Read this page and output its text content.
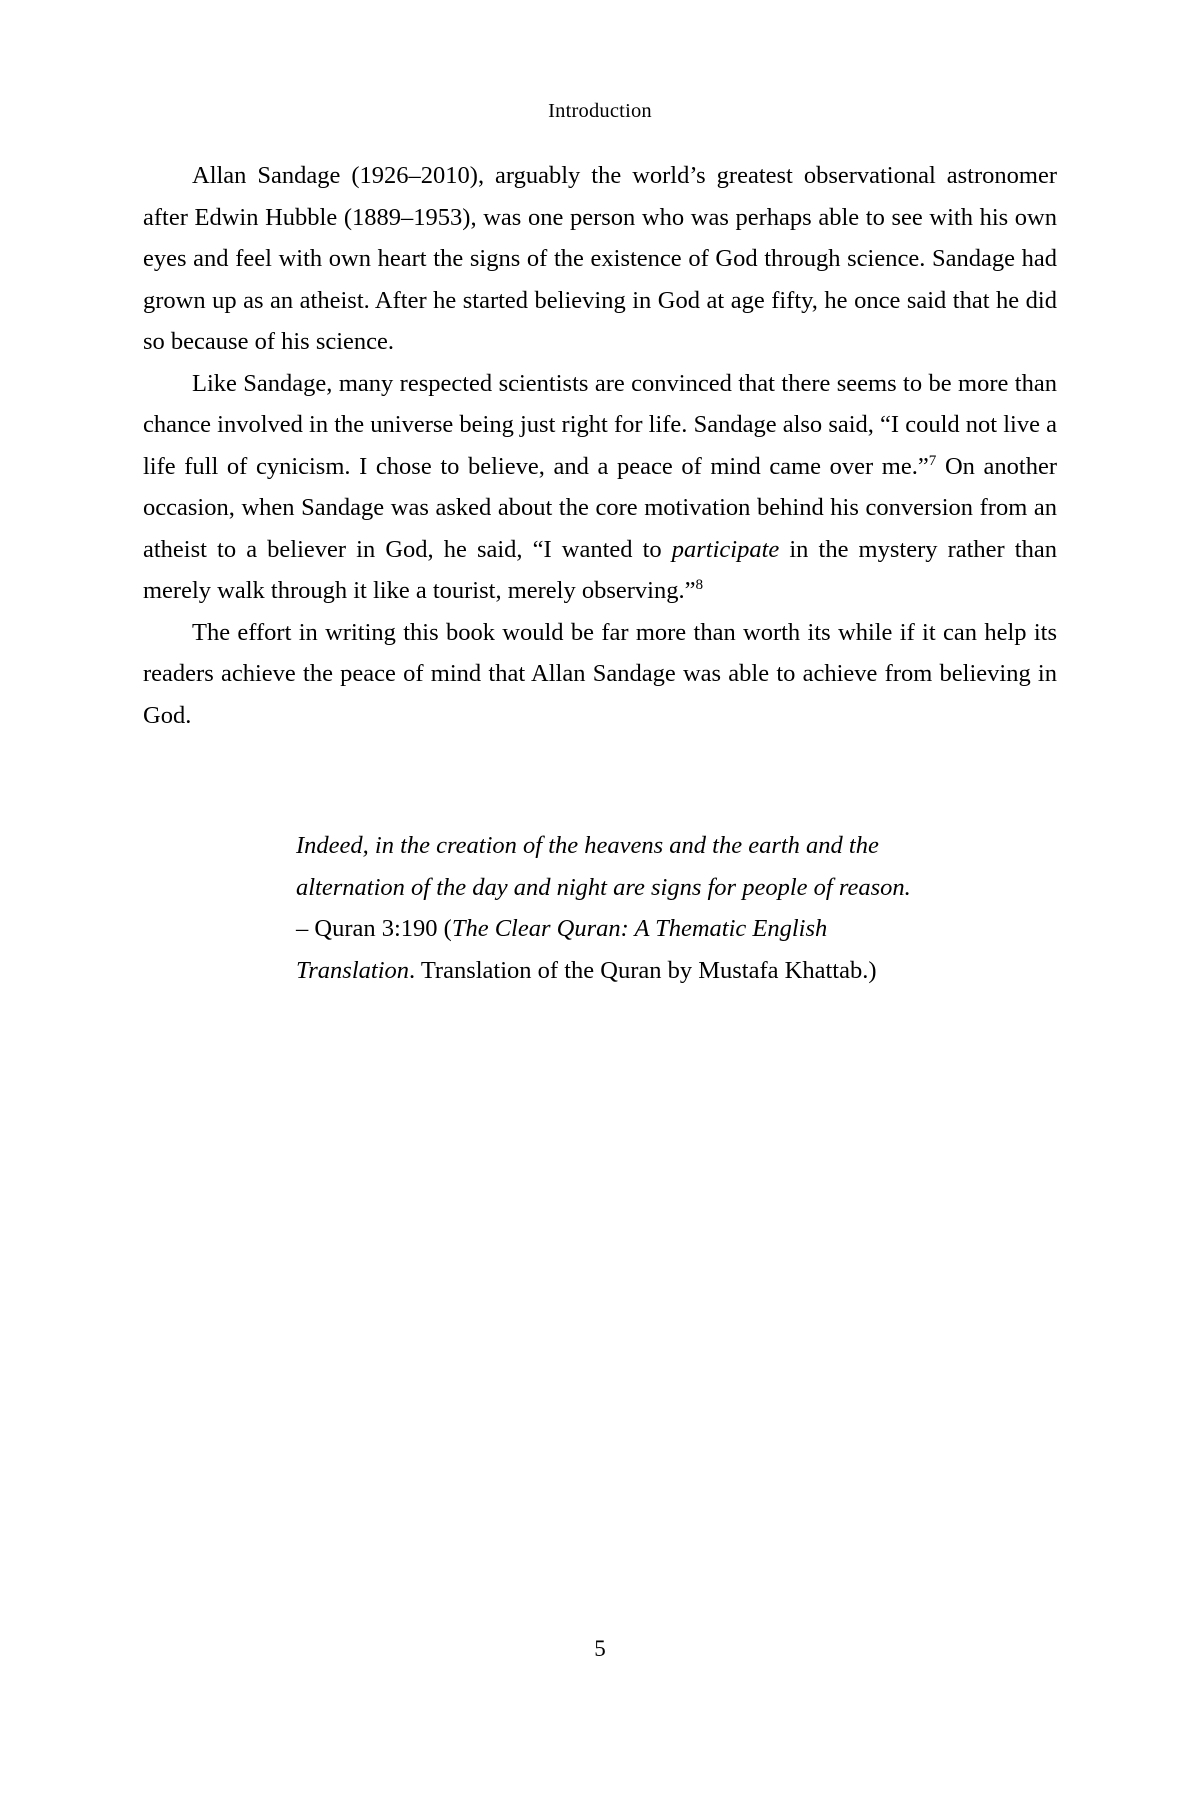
Introduction

Allan Sandage (1926–2010), arguably the world’s greatest observational astronomer after Edwin Hubble (1889–1953), was one person who was perhaps able to see with his own eyes and feel with own heart the signs of the existence of God through science. Sandage had grown up as an atheist. After he started believing in God at age fifty, he once said that he did so because of his science.

Like Sandage, many respected scientists are convinced that there seems to be more than chance involved in the universe being just right for life. Sandage also said, “I could not live a life full of cynicism. I chose to believe, and a peace of mind came over me.”$^7$ On another occasion, when Sandage was asked about the core motivation behind his conversion from an atheist to a believer in God, he said, “I wanted to participate in the mystery rather than merely walk through it like a tourist, merely observing.”$^8$

The effort in writing this book would be far more than worth its while if it can help its readers achieve the peace of mind that Allan Sandage was able to achieve from believing in God.

Indeed, in the creation of the heavens and the earth and the

alternation of the day and night are signs for people of reason.

– Quran 3:190 (The Clear Quran: A Thematic English

Translation. Translation of the Quran by Mustafa Khattab.)

5
